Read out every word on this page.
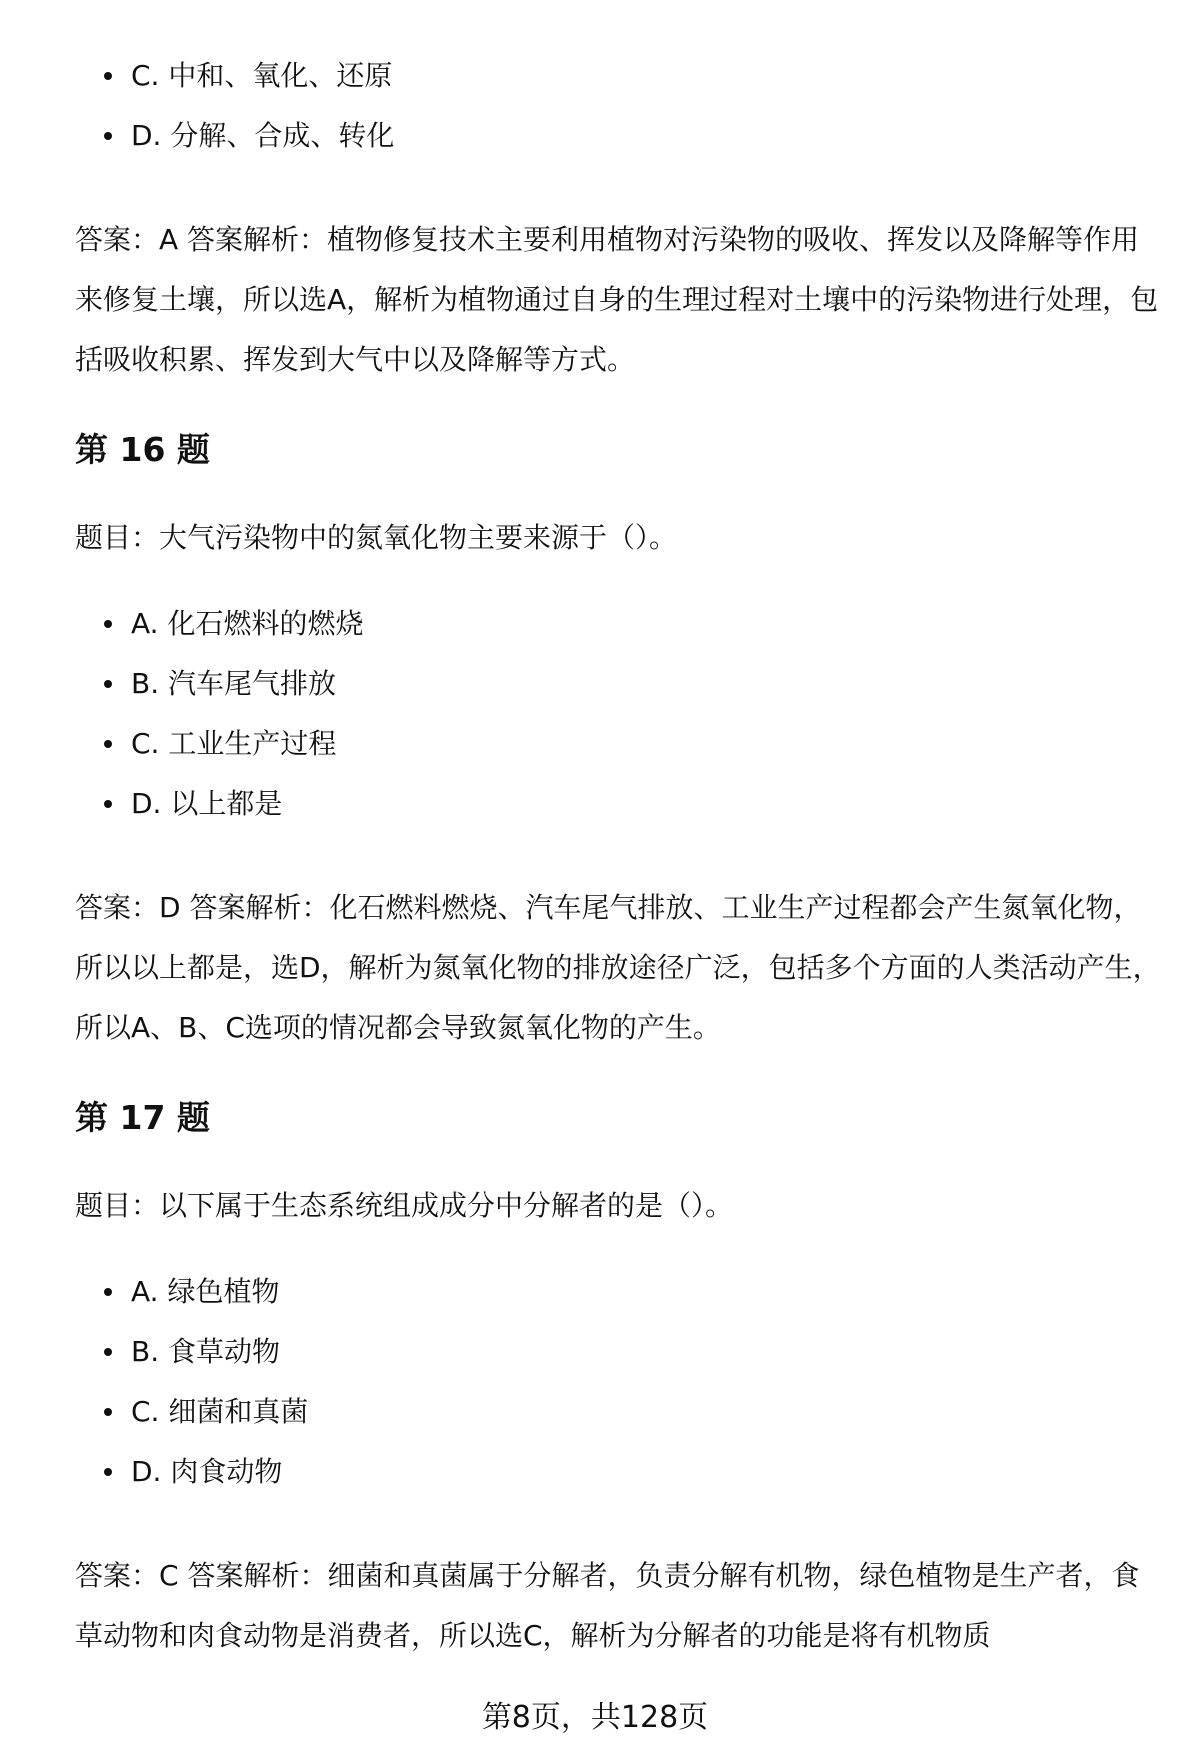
C. 中和、氧化、还原
D. 分解、合成、转化

答案：A 答案解析：植物修复技术主要利用植物对污染物的吸收、挥发以及降解等作用来修复土壤，所以选A，解析为植物通过自身的生理过程对土壤中的污染物进行处理，包括吸收积累、挥发到大气中以及降解等方式。

第 16 题

题目：大气污染物中的氮氧化物主要来源于（）。

A. 化石燃料的燃烧
B. 汽车尾气排放
C. 工业生产过程
D. 以上都是

答案：D 答案解析：化石燃料燃烧、汽车尾气排放、工业生产过程都会产生氮氧化物，所以以上都是，选D，解析为氮氧化物的排放途径广泛，包括多个方面的人类活动产生，所以A、B、C选项的情况都会导致氮氧化物的产生。

第 17 题

题目：以下属于生态系统组成成分中分解者的是（）。

A. 绿色植物
B. 食草动物
C. 细菌和真菌
D. 肉食动物

答案：C 答案解析：细菌和真菌属于分解者，负责分解有机物，绿色植物是生产者，食草动物和肉食动物是消费者，所以选C，解析为分解者的功能是将有机物质

第8页，共128页
